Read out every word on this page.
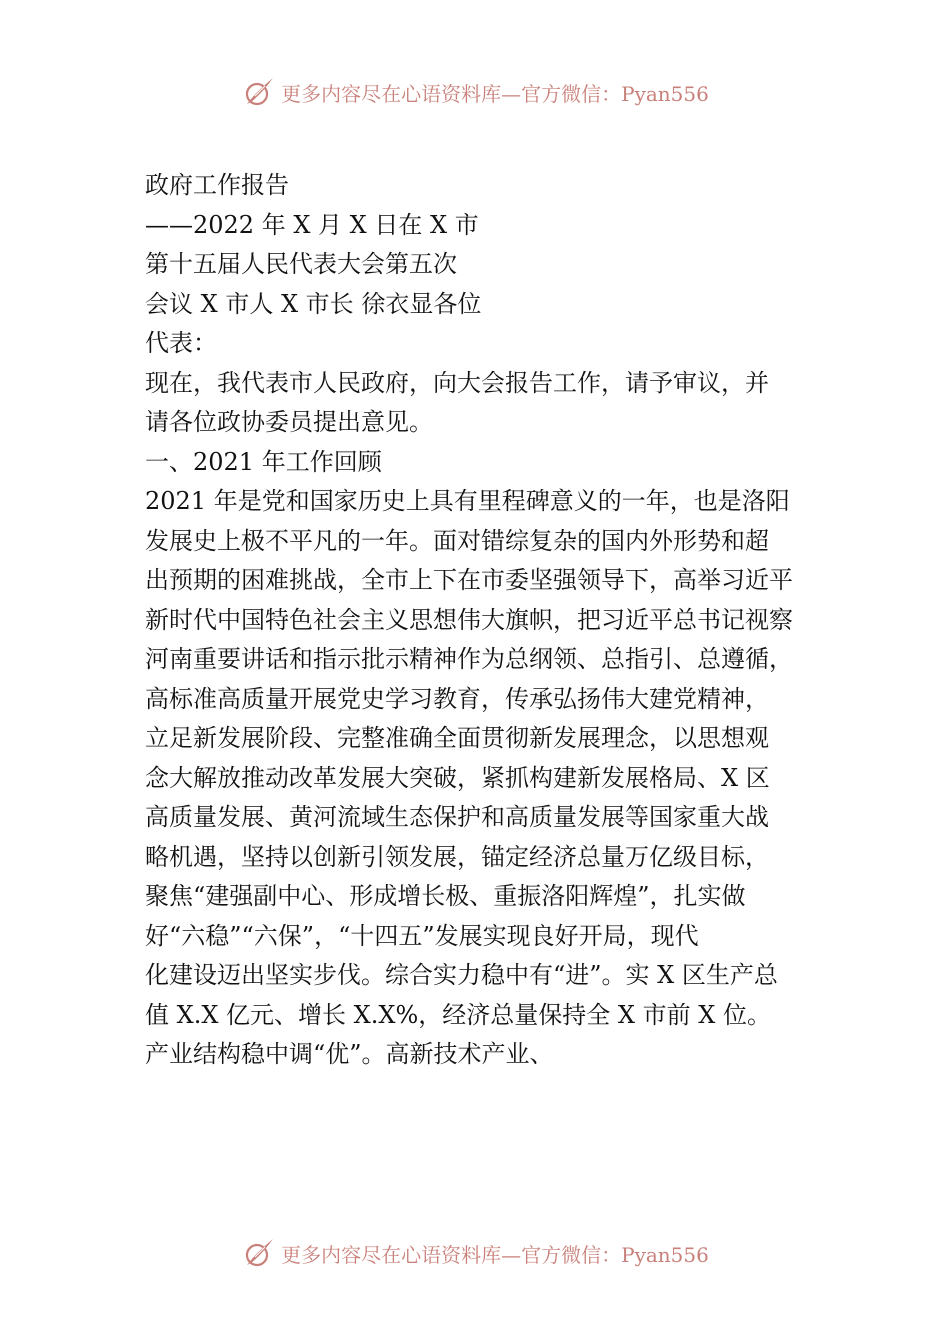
更多内容尽在心语资料库—官方微信：Pyan556
政府工作报告
——2022 年 X 月 X 日在 X 市
第十五届人民代表大会第五次
会议 X 市人 X 市长 徐衣显各位
代表：
现在，我代表市人民政府，向大会报告工作，请予审议，并
请各位政协委员提出意见。
一、2021 年工作回顾
2021 年是党和国家历史上具有里程碑意义的一年，也是洛阳
发展史上极不平凡的一年。面对错综复杂的国内外形势和超
出预期的困难挑战，全市上下在市委坚强领导下，高举习近平
新时代中国特色社会主义思想伟大旗帜，把习近平总书记视察
河南重要讲话和指示批示精神作为总纲领、总指引、总遵循，
高标准高质量开展党史学习教育，传承弘扬伟大建党精神，
立足新发展阶段、完整准确全面贯彻新发展理念，以思想观
念大解放推动改革发展大突破，紧抓构建新发展格局、X 区
高质量发展、黄河流域生态保护和高质量发展等国家重大战
略机遇，坚持以创新引领发展，锚定经济总量万亿级目标，
聚焦“建强副中心、形成增长极、重振洛阳辉煌”，扎实做
好“六稳”“六保”，“十四五”发展实现良好开局，现代
化建设迈出坚实步伐。综合实力稳中有“进”。实 X 区生产总
值 X.X 亿元、增长 X.X%，经济总量保持全 X 市前 X 位。
产业结构稳中调“优”。高新技术产业、
更多内容尽在心语资料库—官方微信：Pyan556
